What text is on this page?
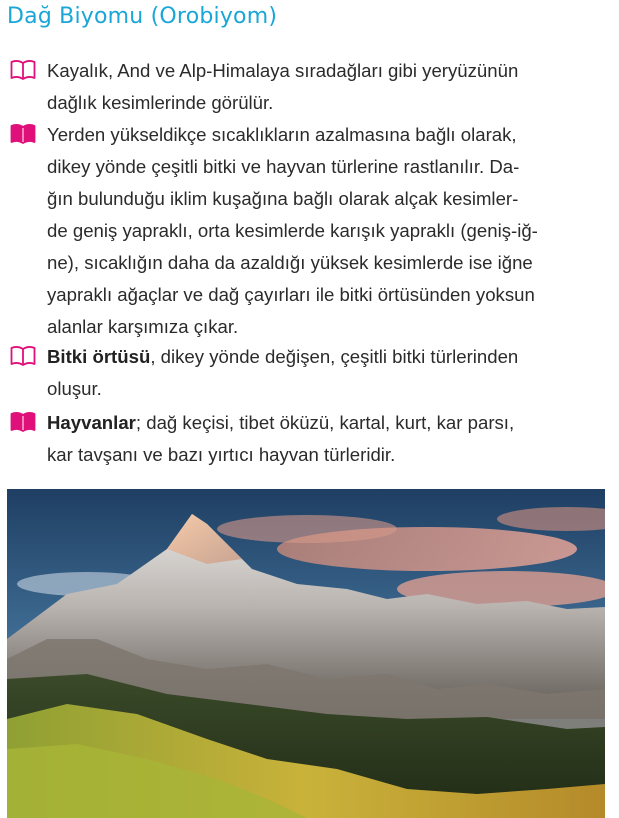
Dağ Biyomu (Orobiyom)
Kayalık, And ve Alp-Himalaya sıradağları gibi yeryüzünün
dağlık kesimlerinde görülür.
Yerden yükseldikçe sıcaklıkların azalmasına bağlı olarak,
dikey yönde çeşitli bitki ve hayvan türlerine rastlanılır. Da-
ğın bulunduğu iklim kuşağına bağlı olarak alçak kesimler-
de geniş yapraklı, orta kesimlerde karışık yapraklı (geniş-iğ-
ne), sıcaklığın daha da azaldığı yüksek kesimlerde ise iğne
yapraklı ağaçlar ve dağ çayırları ile bitki örtüsünden yoksun
alanlar karşımıza çıkar.
Bitki örtüsü, dikey yönde değişen, çeşitli bitki türlerinden
oluşur.
Hayvanlar; dağ keçisi, tibet öküzü, kartal, kurt, kar parsı,
kar tavşanı ve bazı yırtıcı hayvan türleridir.
